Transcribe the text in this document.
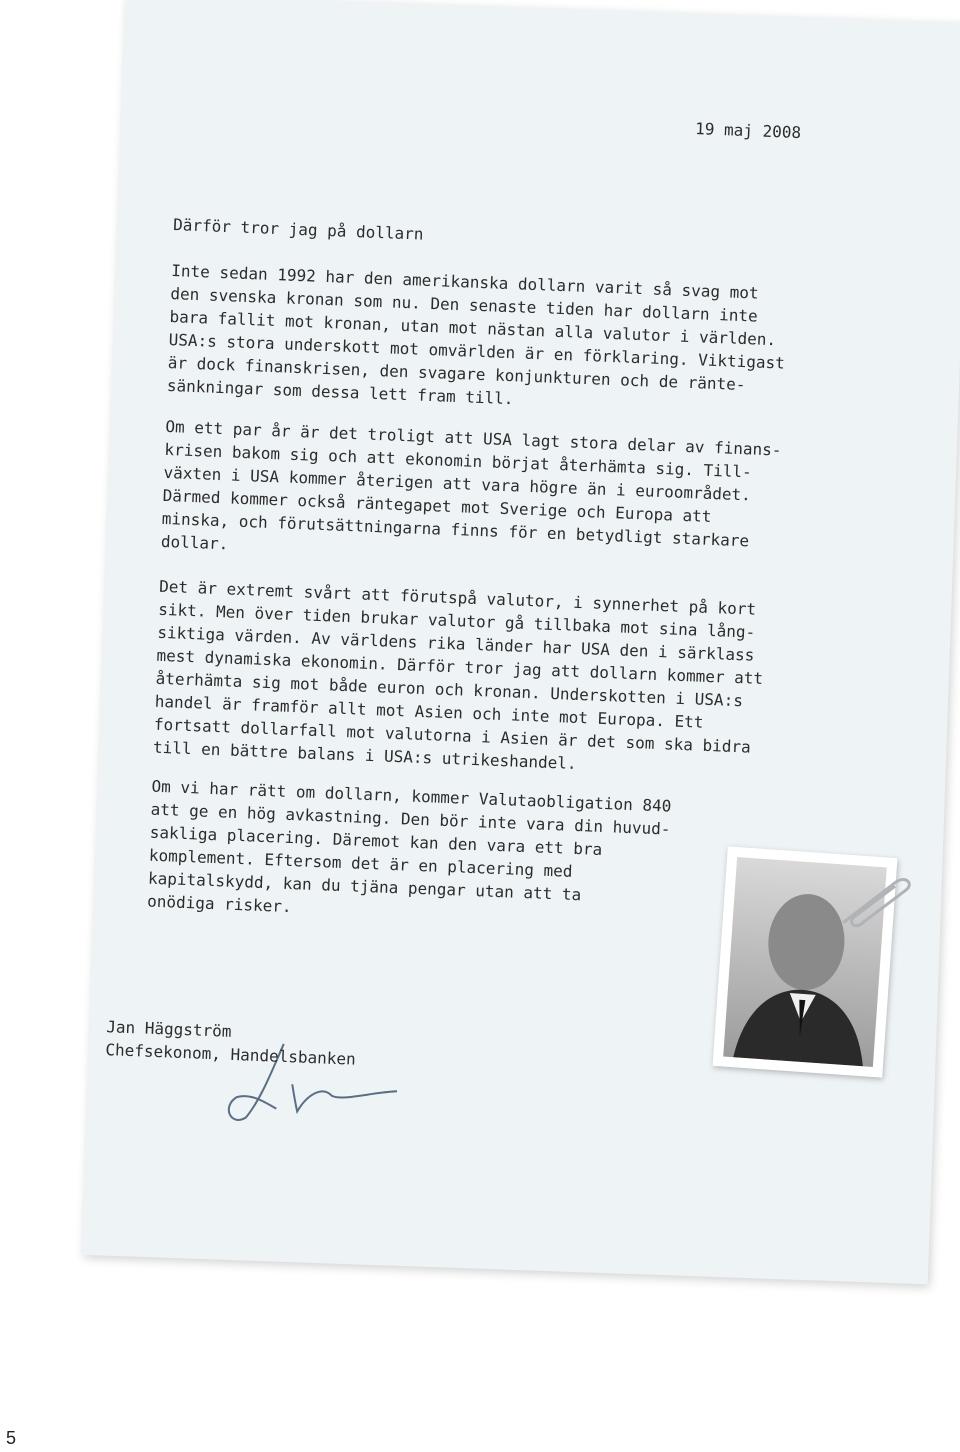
19 maj 2008
Därför tror jag på dollarn

Inte sedan 1992 har den amerikanska dollarn varit så svag mot
den svenska kronan som nu. Den senaste tiden har dollarn inte
bara fallit mot kronan, utan mot nästan alla valutor i världen.
USA:s stora underskott mot omvärlden är en förklaring. Viktigast
är dock finanskrisen, den svagare konjunkturen och de ränte-
sänkningar som dessa lett fram till.

Om ett par år är det troligt att USA lagt stora delar av finans-
krisen bakom sig och att ekonomin börjat återhämta sig. Till-
växten i USA kommer återigen att vara högre än i euroområdet.
Därmed kommer också räntegapet mot Sverige och Europa att
minska, och förutsättningarna finns för en betydligt starkare
dollar.

Det är extremt svårt att förutspå valutor, i synnerhet på kort
sikt. Men över tiden brukar valutor gå tillbaka mot sina lång-
siktiga värden. Av världens rika länder har USA den i särklass
mest dynamiska ekonomin. Därför tror jag att dollarn kommer att
återhämta sig mot både euron och kronan. Underskotten i USA:s
handel är framför allt mot Asien och inte mot Europa. Ett
fortsatt dollarfall mot valutorna i Asien är det som ska bidra
till en bättre balans i USA:s utrikeshandel.

Om vi har rätt om dollarn, kommer Valutaobligation 840
att ge en hög avkastning. Den bör inte vara din huvud-
sakliga placering. Däremot kan den vara ett bra
komplement. Eftersom det är en placering med
kapitalskydd, kan du tjäna pengar utan att ta
onödiga risker.

Jan Häggström
Chefsekonom, Handelsbanken
5
